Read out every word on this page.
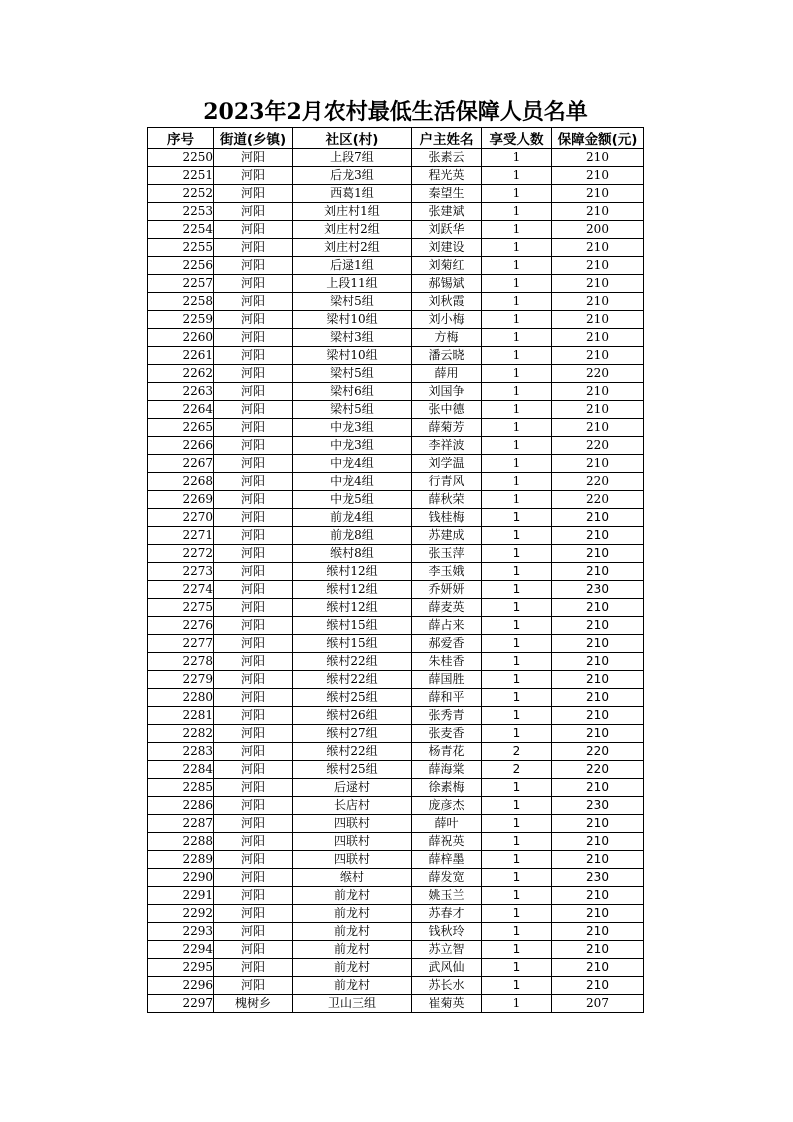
2023年2月农村最低生活保障人员名单
序号	街道(乡镇)	社区(村)	户主姓名	享受人数	保障金额(元)
2250	河阳	上段7组	张素云	1	210
2251	河阳	后龙3组	程光英	1	210
2252	河阳	西葛1组	秦望生	1	210
2253	河阳	刘庄村1组	张建斌	1	210
2254	河阳	刘庄村2组	刘跃华	1	200
2255	河阳	刘庄村2组	刘建设	1	210
2256	河阳	后逯1组	刘菊红	1	210
2257	河阳	上段11组	郝锡斌	1	210
2258	河阳	梁村5组	刘秋霞	1	210
2259	河阳	梁村10组	刘小梅	1	210
2260	河阳	梁村3组	方梅	1	210
2261	河阳	梁村10组	潘云晓	1	210
2262	河阳	梁村5组	薛用	1	220
2263	河阳	梁村6组	刘国争	1	210
2264	河阳	梁村5组	张中德	1	210
2265	河阳	中龙3组	薛菊芳	1	210
2266	河阳	中龙3组	李祥波	1	220
2267	河阳	中龙4组	刘学温	1	210
2268	河阳	中龙4组	行青风	1	220
2269	河阳	中龙5组	薛秋荣	1	220
2270	河阳	前龙4组	钱桂梅	1	210
2271	河阳	前龙8组	苏建成	1	210
2272	河阳	缑村8组	张玉萍	1	210
2273	河阳	缑村12组	李玉娥	1	210
2274	河阳	缑村12组	乔妍妍	1	230
2275	河阳	缑村12组	薛麦英	1	210
2276	河阳	缑村15组	薛占来	1	210
2277	河阳	缑村15组	郝爱香	1	210
2278	河阳	缑村22组	朱桂香	1	210
2279	河阳	缑村22组	薛国胜	1	210
2280	河阳	缑村25组	薛和平	1	210
2281	河阳	缑村26组	张秀青	1	210
2282	河阳	缑村27组	张麦香	1	210
2283	河阳	缑村22组	杨青花	2	220
2284	河阳	缑村25组	薛海棠	2	220
2285	河阳	后逯村	徐素梅	1	210
2286	河阳	长店村	庞彦杰	1	230
2287	河阳	四联村	薛叶	1	210
2288	河阳	四联村	薛祝英	1	210
2289	河阳	四联村	薛梓墨	1	210
2290	河阳	缑村	薛发宽	1	230
2291	河阳	前龙村	姚玉兰	1	210
2292	河阳	前龙村	苏春才	1	210
2293	河阳	前龙村	钱秋玲	1	210
2294	河阳	前龙村	苏立智	1	210
2295	河阳	前龙村	武风仙	1	210
2296	河阳	前龙村	苏长水	1	210
2297	槐树乡	卫山三组	崔菊英	1	207
